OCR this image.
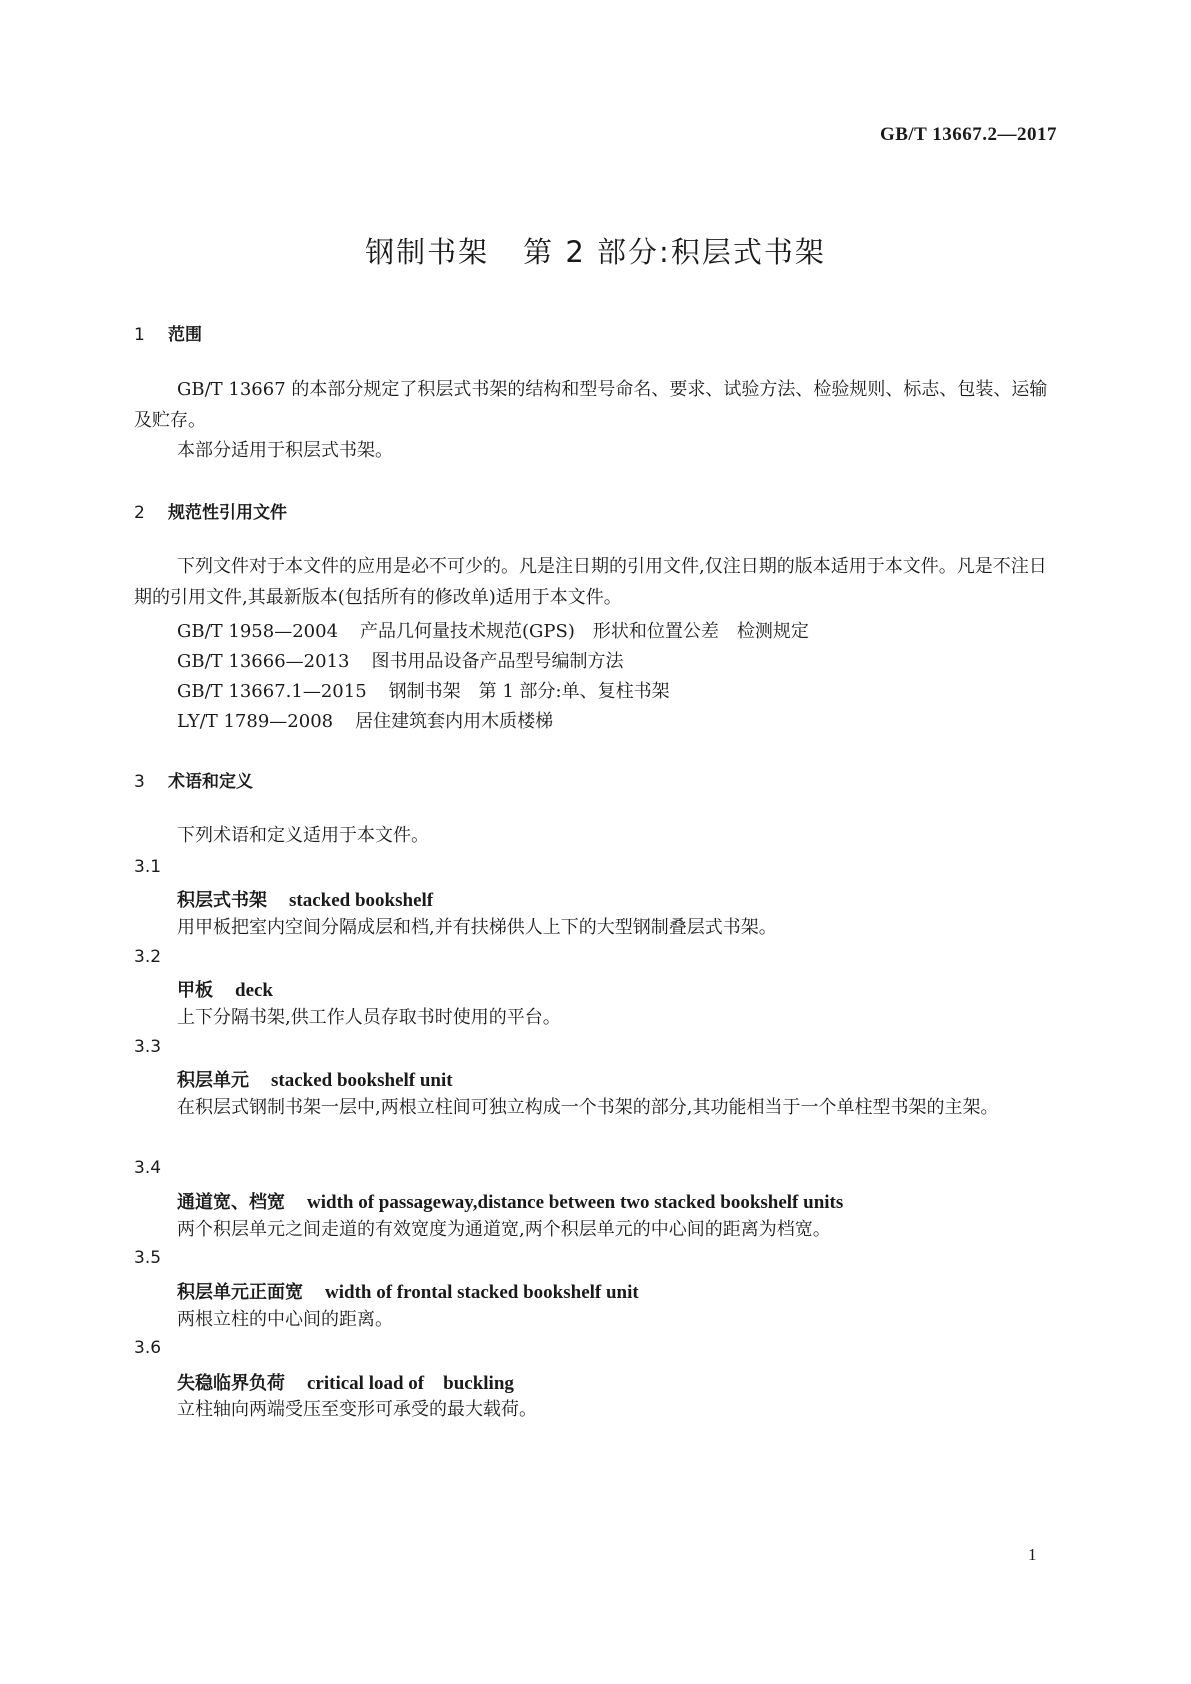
GB/T 13667.2—2017
钢制书架 第 2 部分:积层式书架
1 范围
GB/T 13667 的本部分规定了积层式书架的结构和型号命名、要求、试验方法、检验规则、标志、包装、运输及贮存。
本部分适用于积层式书架。
2 规范性引用文件
下列文件对于本文件的应用是必不可少的。凡是注日期的引用文件,仅注日期的版本适用于本文件。凡是不注日期的引用文件,其最新版本(包括所有的修改单)适用于本文件。
GB/T 1958—2004 产品几何量技术规范(GPS)　形状和位置公差　检测规定
GB/T 13666—2013 图书用品设备产品型号编制方法
GB/T 13667.1—2015 钢制书架　第 1 部分:单、复柱书架
LY/T 1789—2008 居住建筑套内用木质楼梯
3 术语和定义
下列术语和定义适用于本文件。
3.1
积层式书架 stacked bookshelf
用甲板把室内空间分隔成层和档,并有扶梯供人上下的大型钢制叠层式书架。
3.2
甲板 deck
上下分隔书架,供工作人员存取书时使用的平台。
3.3
积层单元 stacked bookshelf unit
在积层式钢制书架一层中,两根立柱间可独立构成一个书架的部分,其功能相当于一个单柱型书架的主架。
3.4
通道宽、档宽 width of passageway,distance between two stacked bookshelf units
两个积层单元之间走道的有效宽度为通道宽,两个积层单元的中心间的距离为档宽。
3.5
积层单元正面宽 width of frontal stacked bookshelf unit
两根立柱的中心间的距离。
3.6
失稳临界负荷 critical load of　buckling
立柱轴向两端受压至变形可承受的最大载荷。
1
